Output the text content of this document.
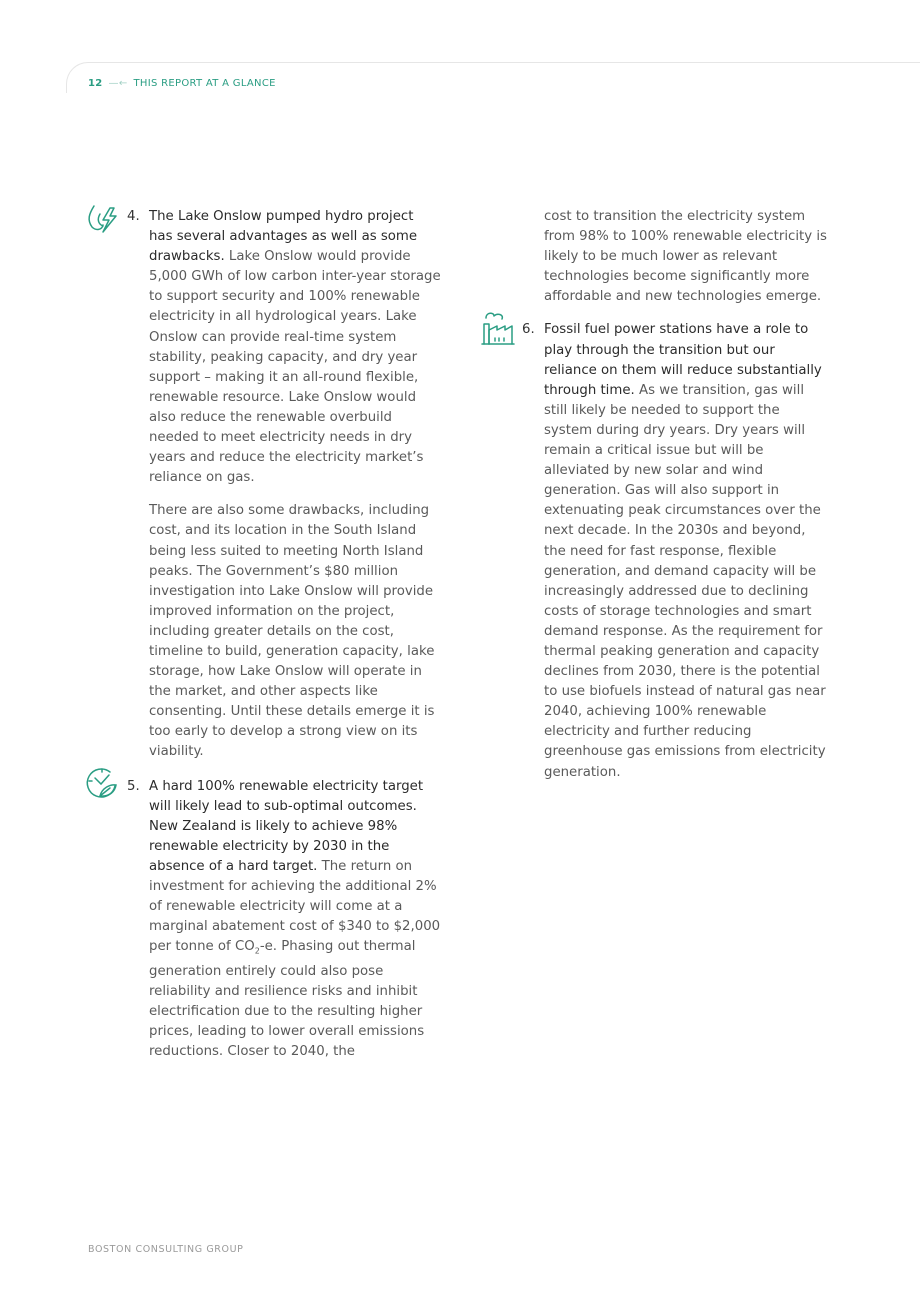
12 —← THIS REPORT AT A GLANCE
4. The Lake Onslow pumped hydro project has several advantages as well as some drawbacks. Lake Onslow would provide 5,000 GWh of low carbon inter-year storage to support security and 100% renewable electricity in all hydrological years. Lake Onslow can provide real-time system stability, peaking capacity, and dry year support – making it an all-round flexible, renewable resource. Lake Onslow would also reduce the renewable overbuild needed to meet electricity needs in dry years and reduce the electricity market’s reliance on gas.

There are also some drawbacks, including cost, and its location in the South Island being less suited to meeting North Island peaks. The Government’s $80 million investigation into Lake Onslow will provide improved information on the project, including greater details on the cost, timeline to build, generation capacity, lake storage, how Lake Onslow will operate in the market, and other aspects like consenting. Until these details emerge it is too early to develop a strong view on its viability.

5. A hard 100% renewable electricity target will likely lead to sub-optimal outcomes. New Zealand is likely to achieve 98% renewable electricity by 2030 in the absence of a hard target. The return on investment for achieving the additional 2% of renewable electricity will come at a marginal abatement cost of $340 to $2,000 per tonne of $CO_2-e$. Phasing out thermal generation entirely could also pose reliability and resilience risks and inhibit electrification due to the resulting higher prices, leading to lower overall emissions reductions. Closer to 2040, the

cost to transition the electricity system from 98% to 100% renewable electricity is likely to be much lower as relevant technologies become significantly more affordable and new technologies emerge.

6. Fossil fuel power stations have a role to play through the transition but our reliance on them will reduce substantially through time. As we transition, gas will still likely be needed to support the system during dry years. Dry years will remain a critical issue but will be alleviated by new solar and wind generation. Gas will also support in extenuating peak circumstances over the next decade. In the 2030s and beyond, the need for fast response, flexible generation, and demand capacity will be increasingly addressed due to declining costs of storage technologies and smart demand response. As the requirement for thermal peaking generation and capacity declines from 2030, there is the potential to use biofuels instead of natural gas near 2040, achieving 100% renewable electricity and further reducing greenhouse gas emissions from electricity generation.

BOSTON CONSULTING GROUP
